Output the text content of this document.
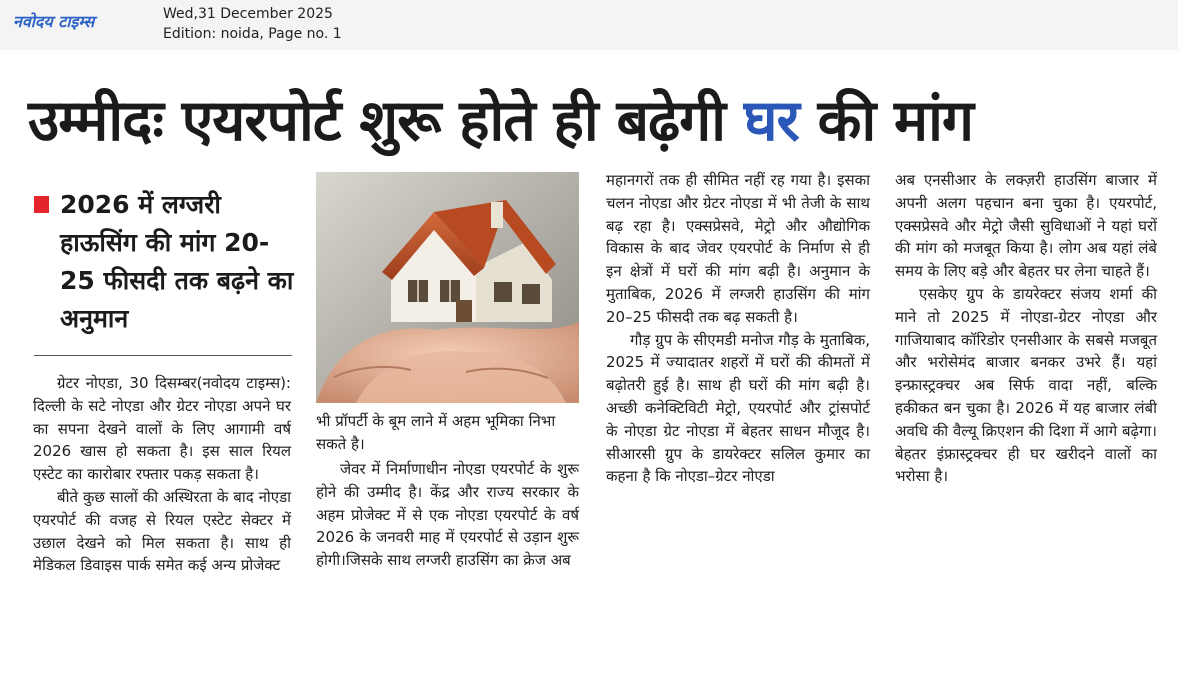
नवोदय टाइम्स	Wed,31 December 2025
Edition: noida, Page no. 1
उम्मीदः एयरपोर्ट शुरू होते ही बढ़ेगी घर की मांग
2026 में लग्जरी हाऊसिंग की मांग 20-25 फीसदी तक बढ़ने का अनुमान

ग्रेटर नोएडा, 30 दिसम्बर(नवोदय टाइम्स): दिल्ली के सटे नोएडा और ग्रेटर नोएडा अपने घर का सपना देखने वालों के लिए आगामी वर्ष 2026 खास हो सकता है। इस साल रियल एस्टेट का कारोबार रफ्तार पकड़ सकता है।

बीते कुछ सालों की अस्थिरता के बाद नोएडा एयरपोर्ट की वजह से रियल एस्टेट सेक्टर में उछाल देखने को मिल सकता है। साथ ही मेडिकल डिवाइस पार्क समेत कई अन्य प्रोजेक्ट

भी प्रॉपर्टी के बूम लाने में अहम भूमिका निभा सकते है।

जेवर में निर्माणाधीन नोएडा एयरपोर्ट के शुरू होने की उम्मीद है। केंद्र और राज्य सरकार के अहम प्रोजेक्ट में से एक नोएडा एयरपोर्ट के वर्ष 2026 के जनवरी माह में एयरपोर्ट से उड़ान शुरू होगी।जिसके साथ लग्जरी हाउसिंग का क्रेज अब

महानगरों तक ही सीमित नहीं रह गया है। इसका चलन नोएडा और ग्रेटर नोएडा में भी तेजी के साथ बढ़ रहा है। एक्सप्रेसवे, मेट्रो और औद्योगिक विकास के बाद जेवर एयरपोर्ट के निर्माण से ही इन क्षेत्रों में घरों की मांग बढ़ी है। अनुमान के मुताबिक, 2026 में लग्जरी हाउसिंग की मांग 20–25 फीसदी तक बढ़ सकती है।

गौड़ ग्रुप के सीएमडी मनोज गौड़ के मुताबिक, 2025 में ज्यादातर शहरों में घरों की कीमतों में बढ़ोतरी हुई है। साथ ही घरों की मांग बढ़ी है।अच्छी कनेक्टिविटी मेट्रो, एयरपोर्ट और ट्रांसपोर्ट के नोएडा ग्रेट नोएडा में बेहतर साधन मौजूद है।सीआरसी ग्रुप के डायरेक्टर सलिल कुमार का कहना है कि नोएडा–ग्रेटर नोएडा

अब एनसीआर के लक्ज़री हाउसिंग बाजार में अपनी अलग पहचान बना चुका है। एयरपोर्ट, एक्सप्रेसवे और मेट्रो जैसी सुविधाओं ने यहां घरों की मांग को मजबूत किया है। लोग अब यहां लंबे समय के लिए बड़े और बेहतर घर लेना चाहते हैं।

एसकेए ग्रुप के डायरेक्टर संजय शर्मा की माने तो 2025 में नोएडा-ग्रेटर नोएडा और गाजियाबाद कॉरिडोर एनसीआर के सबसे मजबूत और भरोसेमंद बाजार बनकर उभरे हैं। यहां इन्फ्रास्ट्रक्चर अब सिर्फ वादा नहीं, बल्कि हकीकत बन चुका है। 2026 में यह बाजार लंबी अवधि की वैल्यू क्रिएशन की दिशा में आगे बढ़ेगा। बेहतर इंफ्रास्ट्रक्चर ही घर खरीदने वालों का भरोसा है।
